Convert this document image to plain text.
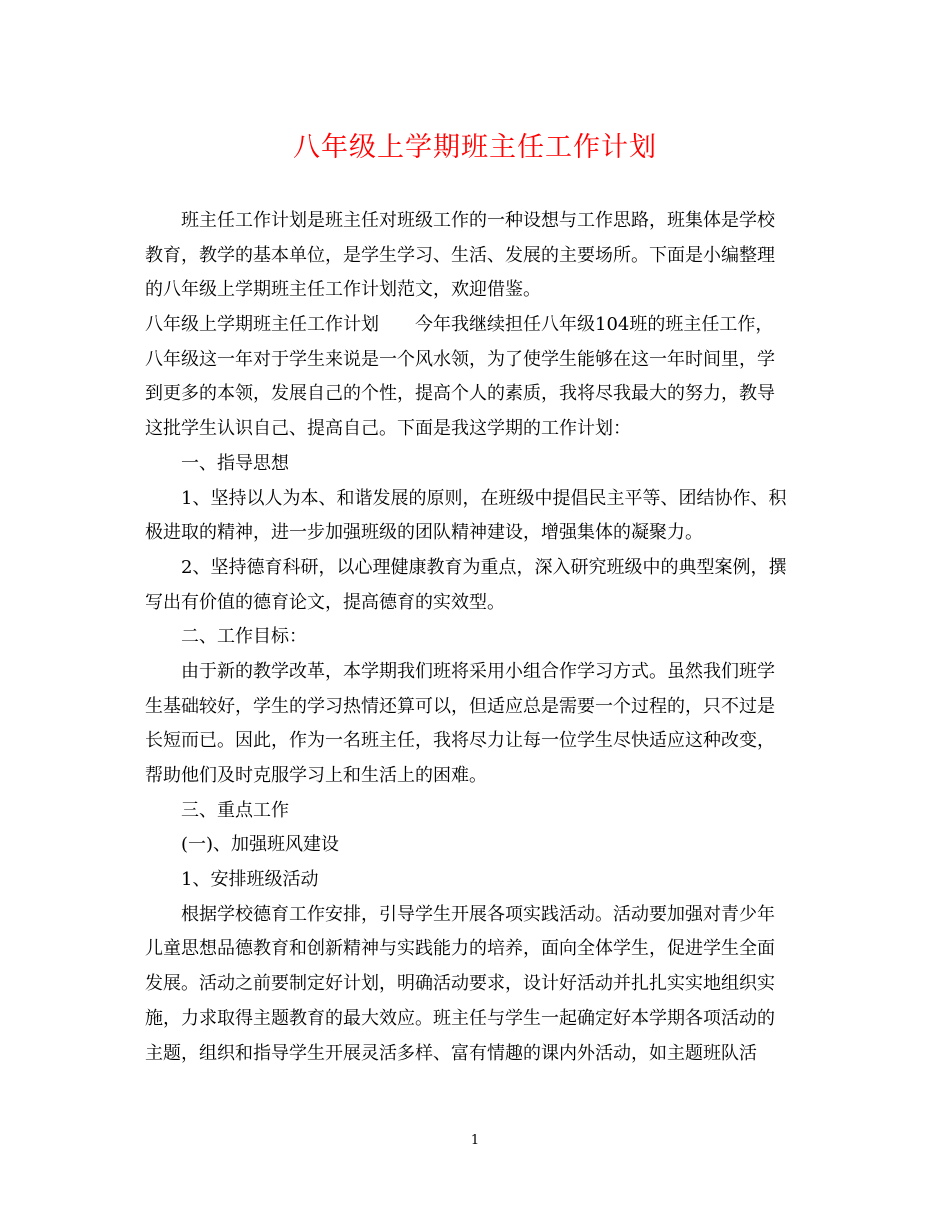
八年级上学期班主任工作计划
班主任工作计划是班主任对班级工作的一种设想与工作思路，班集体是学校
教育，教学的基本单位，是学生学习、生活、发展的主要场所。下面是小编整理
的八年级上学期班主任工作计划范文，欢迎借鉴。
八年级上学期班主任工作计划　　今年我继续担任八年级104班的班主任工作，
八年级这一年对于学生来说是一个风水领，为了使学生能够在这一年时间里，学
到更多的本领，发展自己的个性，提高个人的素质，我将尽我最大的努力，教导
这批学生认识自己、提高自己。下面是我这学期的工作计划：
一、指导思想
1、坚持以人为本、和谐发展的原则，在班级中提倡民主平等、团结协作、积
极进取的精神，进一步加强班级的团队精神建设，增强集体的凝聚力。
2、坚持德育科研，以心理健康教育为重点，深入研究班级中的典型案例，撰
写出有价值的德育论文，提高德育的实效型。
二、工作目标：
由于新的教学改革，本学期我们班将采用小组合作学习方式。虽然我们班学
生基础较好，学生的学习热情还算可以，但适应总是需要一个过程的，只不过是
长短而已。因此，作为一名班主任，我将尽力让每一位学生尽快适应这种改变，
帮助他们及时克服学习上和生活上的困难。
三、重点工作
(一)、加强班风建设
1、安排班级活动
根据学校德育工作安排，引导学生开展各项实践活动。活动要加强对青少年
儿童思想品德教育和创新精神与实践能力的培养，面向全体学生，促进学生全面
发展。活动之前要制定好计划，明确活动要求，设计好活动并扎扎实实地组织实
施，力求取得主题教育的最大效应。班主任与学生一起确定好本学期各项活动的
主题，组织和指导学生开展灵活多样、富有情趣的课内外活动，如主题班队活
1
